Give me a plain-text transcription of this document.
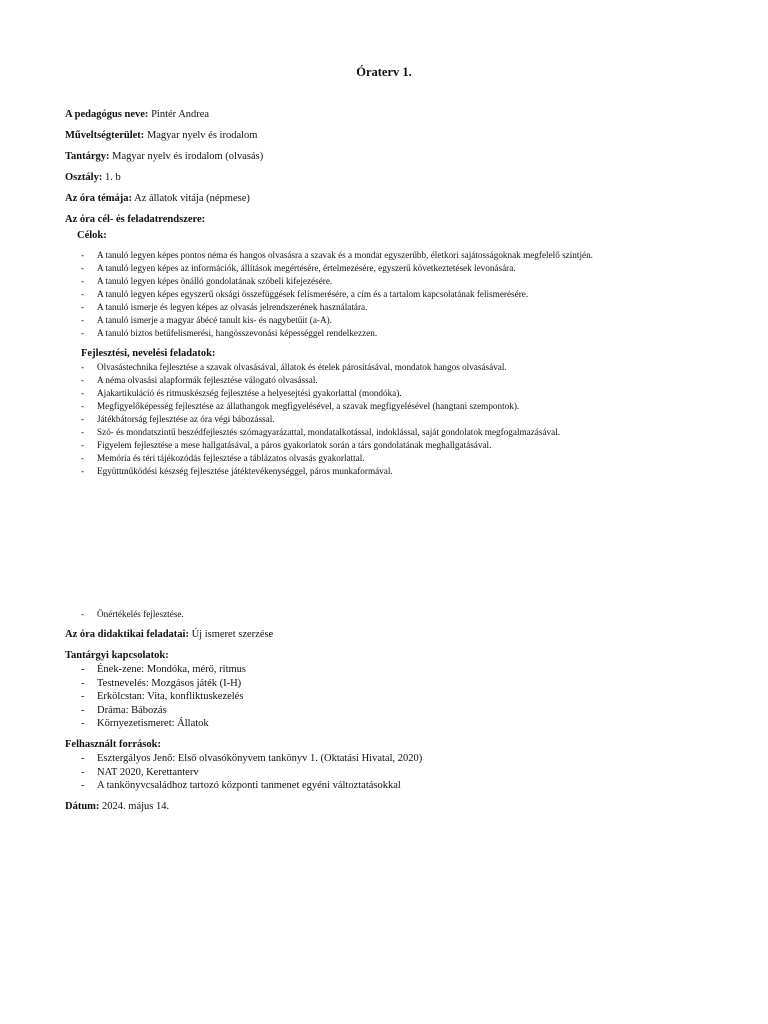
Óraterv 1.
A pedagógus neve: Pintér Andrea
Műveltségterület: Magyar nyelv és irodalom
Tantárgy: Magyar nyelv és irodalom (olvasás)
Osztály: 1. b
Az óra témája: Az állatok vitája (népmese)
Az óra cél- és feladatrendszere:
Célok:
- A tanuló legyen képes pontos néma és hangos olvasásra a szavak és a mondat egyszerűbb, életkori sajátosságoknak megfelelő szintjén.
- A tanuló legyen képes az információk, állítások megértésére, értelmezésére, egyszerű következtetések levonására.
- A tanuló legyen képes önálló gondolatának szóbeli kifejezésére.
- A tanuló legyen képes egyszerű oksági összefüggések felismerésére, a cím és a tartalom kapcsolatának felismerésére.
- A tanuló ismerje és legyen képes az olvasás jelrendszerének használatára.
- A tanuló ismerje a magyar ábécé tanult kis- és nagybetűit (a-A).
- A tanuló biztos betűfelismerési, hangösszevonási képességgel rendelkezzen.
Fejlesztési, nevelési feladatok:
- Olvasástechnika fejlesztése a szavak olvasásával, állatok és ételek párosításával, mondatok hangos olvasásával.
- A néma olvasási alapformák fejlesztése válogató olvasással.
- Ajakartikuláció és ritmuskészség fejlesztése a helyesejtési gyakorlattal (mondóka).
- Megfigyelőképesség fejlesztése az állathangok megfigyelésével, a szavak megfigyelésével (hangtani szempontok).
- Játékbátorság fejlesztése az óra végi bábozással.
- Szó- és mondatszintű beszédfejlesztés szómagyarázattal, mondatalkotással, indoklással, saját gondolatok megfogalmazásával.
- Figyelem fejlesztése a mese hallgatásával, a páros gyakorlatok során a társ gondolatának meghallgatásával.
- Memória és téri tájékozódás fejlesztése a táblázatos olvasás gyakorlattal.
- Együttműködési készség fejlesztése játéktevékenységgel, páros munkaformával.
- Önértékelés fejlesztése.
Az óra didaktikai feladatai: Új ismeret szerzése
Tantárgyi kapcsolatok:
- Ének-zene: Mondóka, mérő, ritmus
- Testnevelés: Mozgásos játék (I-H)
- Erkölcstan: Vita, konfliktuskezelés
- Dráma: Bábozás
- Környezetismeret: Állatok
Felhasznált források:
- Esztergályos Jenő: Első olvasókönyvem tankönyv 1. (Oktatási Hivatal, 2020)
- NAT 2020, Kerettanterv
- A tankönyvcsaládhoz tartozó központi tanmenet egyéni változtatásokkal
Dátum: 2024. május 14.
